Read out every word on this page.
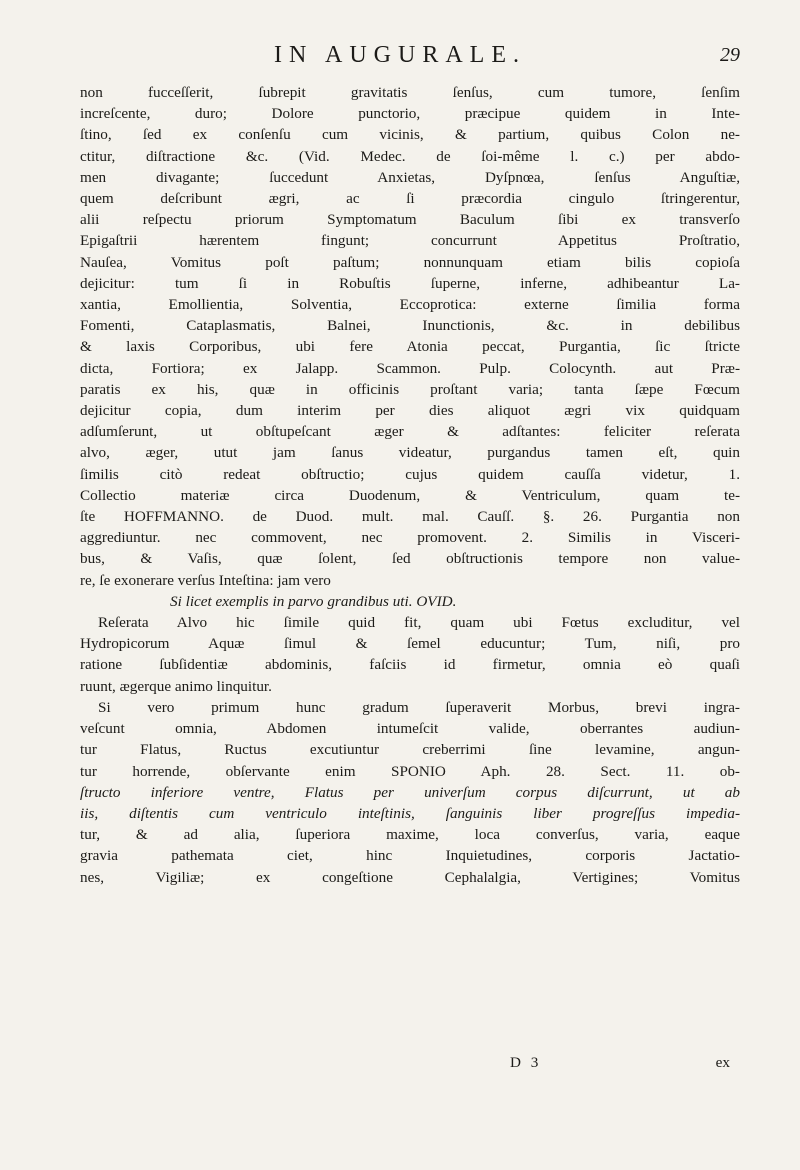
IN AUGURALE.	29
non fucceſſerit, ſubrepit gravitatis ſenſus, cum tumore, ſenſim
increſcente, duro; Dolore punctorio, præcipue quidem in Inte-
ſtino, ſed ex conſenſu cum vicinis, & partium, quibus Colon ne-
ctitur, diſtractione &c. (Vid. Medec. de ſoi-même l. c.) per abdo-
men divagante; ſuccedunt Anxietas, Dyſpnœa, ſenſus Anguſtiæ,
quem deſcribunt ægri, ac ſi præcordia cingulo ſtringerentur,
alii reſpectu priorum Symptomatum Baculum ſibi ex transverſo
Epigaſtrii hærentem fingunt; concurrunt Appetitus Proſtratio,
Nauſea, Vomitus poſt paſtum; nonnunquam etiam bilis copioſa
dejicitur: tum ſi in Robuſtis ſuperne, inferne, adhibeantur La-
xantia, Emollientia, Solventia, Eccoprotica: externe ſimilia forma
Fomenti, Cataplasmatis, Balnei, Inunctionis, &c. in debilibus
& laxis Corporibus, ubi fere Atonia peccat, Purgantia, ſic ſtricte
dicta, Fortiora; ex Jalapp. Scammon. Pulp. Colocynth. aut Præ-
paratis ex his, quæ in officinis proſtant varia; tanta ſæpe Fœcum
dejicitur copia, dum interim per dies aliquot ægri vix quidquam
adſumſerunt, ut obſtupeſcant æger & adſtantes: feliciter reſerata
alvo, æger, utut jam ſanus videatur, purgandus tamen eſt, quin
ſimilis citò redeat obſtructio; cujus quidem cauſſa videtur, 1.
Collectio materiæ circa Duodenum, & Ventriculum, quam te-
ſte HOFFMANNO. de Duod. mult. mal. Cauſſ. §. 26. Purgantia non
aggrediuntur. nec commovent, nec promovent. 2. Similis in Visceri-
bus, & Vaſis, quæ ſolent, ſed obſtructionis tempore non value-
re, ſe exonerare verſus Inteſtina: jam vero
Si licet exemplis in parvo grandibus uti. OVID.
Reſerata Alvo hic ſimile quid fit, quam ubi Fœtus excluditur, vel
Hydropicorum Aquæ ſimul & ſemel educuntur; Tum, niſi, pro
ratione ſubſidentiæ abdominis, faſciis id firmetur, omnia eò quaſi
ruunt, ægerque animo linquitur.
Si vero primum hunc gradum ſuperaverit Morbus, brevi ingra-
veſcunt omnia, Abdomen intumeſcit valide, oberrantes audiun-
tur Flatus, Ructus excutiuntur creberrimi ſine levamine, angun-
tur horrende, obſervante enim SPONIO Aph. 28. Sect. 11. ob-
ſtructo inferiore ventre, Flatus per univerſum corpus diſcurrunt, ut ab
iis, diſtentis cum ventriculo inteſtinis, ſanguinis liber progreſſus impedia-
tur, & ad alia, ſuperiora maxime, loca converſus, varia, eaque
gravia pathemata ciet, hinc Inquietudines, corporis Jactatio-
nes, Vigiliæ; ex congeſtione Cephalalgia, Vertigines; Vomitus
D 3	ex
